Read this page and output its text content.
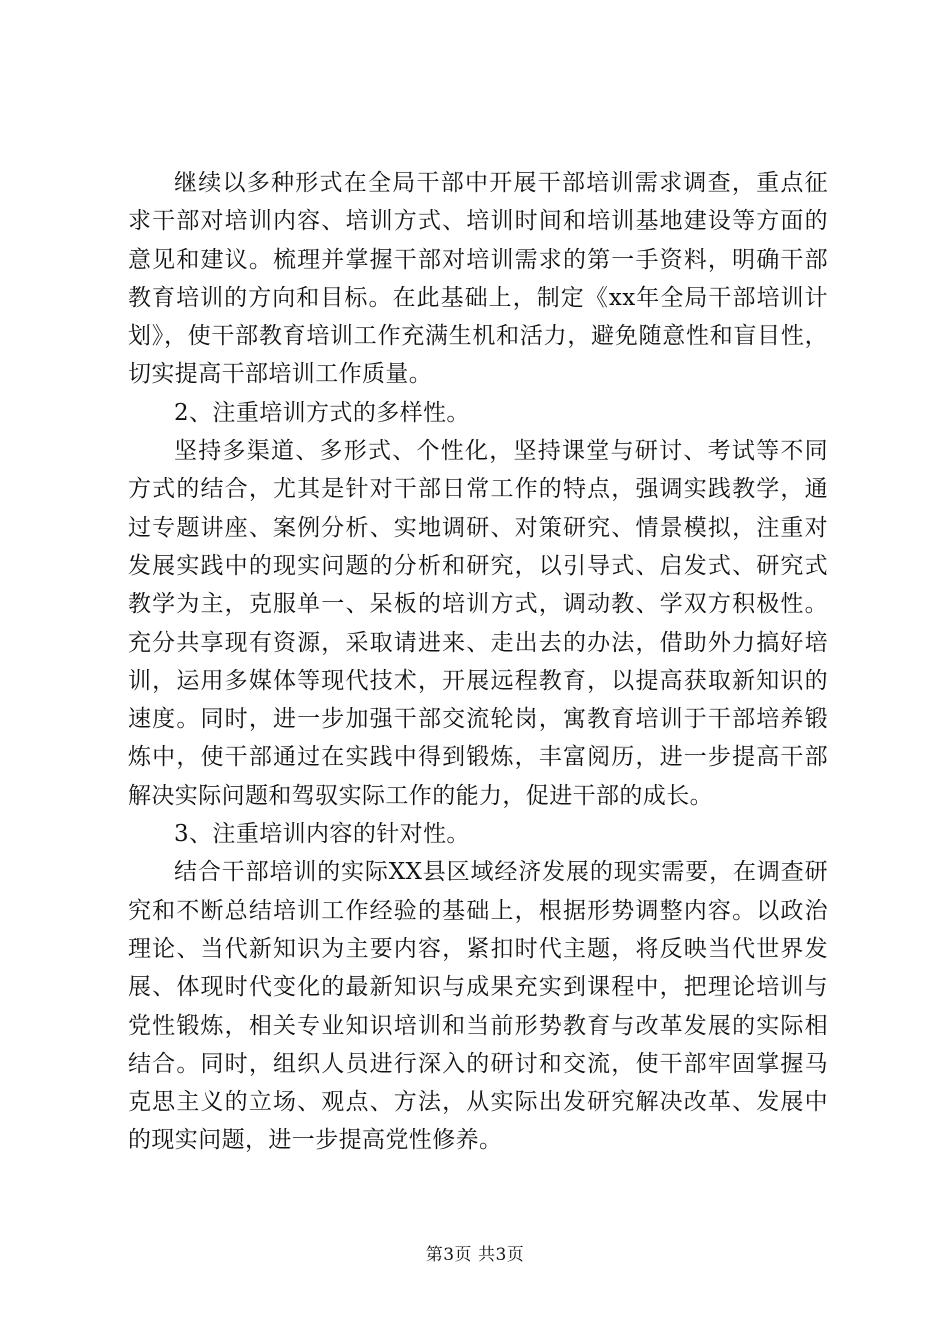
继续以多种形式在全局干部中开展干部培训需求调查，重点征求干部对培训内容、培训方式、培训时间和培训基地建设等方面的意见和建议。梳理并掌握干部对培训需求的第一手资料，明确干部教育培训的方向和目标。在此基础上，制定《xx年全局干部培训计划》，使干部教育培训工作充满生机和活力，避免随意性和盲目性，切实提高干部培训工作质量。

2、注重培训方式的多样性。

坚持多渠道、多形式、个性化，坚持课堂与研讨、考试等不同方式的结合，尤其是针对干部日常工作的特点，强调实践教学，通过专题讲座、案例分析、实地调研、对策研究、情景模拟，注重对发展实践中的现实问题的分析和研究，以引导式、启发式、研究式教学为主，克服单一、呆板的培训方式，调动教、学双方积极性。充分共享现有资源，采取请进来、走出去的办法，借助外力搞好培训，运用多媒体等现代技术，开展远程教育，以提高获取新知识的速度。同时，进一步加强干部交流轮岗，寓教育培训于干部培养锻炼中，使干部通过在实践中得到锻炼，丰富阅历，进一步提高干部解决实际问题和驾驭实际工作的能力，促进干部的成长。

3、注重培训内容的针对性。

结合干部培训的实际XX县区域经济发展的现实需要，在调查研究和不断总结培训工作经验的基础上，根据形势调整内容。以政治理论、当代新知识为主要内容，紧扣时代主题，将反映当代世界发展、体现时代变化的最新知识与成果充实到课程中，把理论培训与党性锻炼，相关专业知识培训和当前形势教育与改革发展的实际相结合。同时，组织人员进行深入的研讨和交流，使干部牢固掌握马克思主义的立场、观点、方法，从实际出发研究解决改革、发展中的现实问题，进一步提高党性修养。

第3页 共3页
